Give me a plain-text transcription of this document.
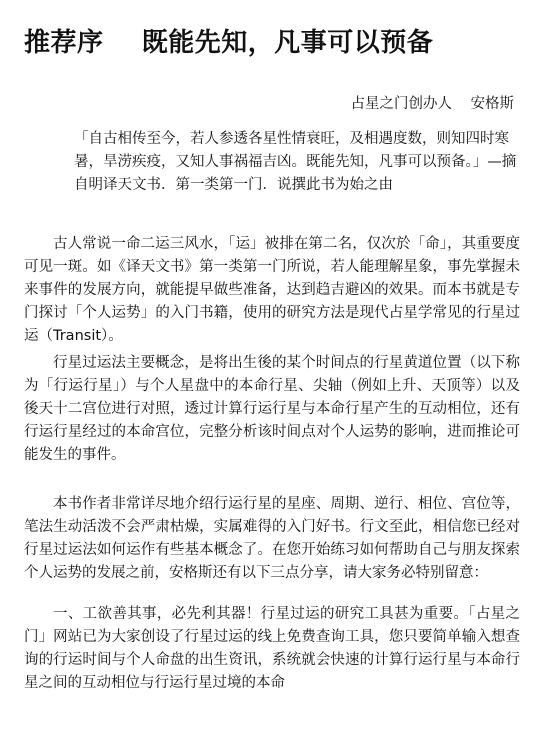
推荐序    既能先知，凡事可以预备
占星之门创办人    安格斯
「自古相传至今，若人参透各星性情衰旺，及相遇度数，则知四时寒暑，旱涝疾疫，又知人事祸福吉凶。既能先知，凡事可以预备。」—摘自明译天文书．第一类第一门．说撰此书为始之由
古人常说一命二运三风水，「运」被排在第二名，仅次於「命」，其重要度可见一斑。如《译天文书》第一类第一门所说，若人能理解星象，事先掌握未来事件的发展方向，就能提早做些准备，达到趋吉避凶的效果。而本书就是专门探讨「个人运势」的入门书籍，使用的研究方法是现代占星学常见的行星过运（Transit）。
行星过运法主要概念，是将出生後的某个时间点的行星黄道位置（以下称为「行运行星」）与个人星盘中的本命行星、尖轴（例如上升、天顶等）以及後天十二宫位进行对照，透过计算行运行星与本命行星产生的互动相位，还有行运行星经过的本命宫位，完整分析该时间点对个人运势的影响，进而推论可能发生的事件。
本书作者非常详尽地介绍行运行星的星座、周期、逆行、相位、宫位等，笔法生动活泼不会严肃枯燥，实属难得的入门好书。行文至此，相信您已经对行星过运法如何运作有些基本概念了。在您开始练习如何帮助自己与朋友探索个人运势的发展之前，安格斯还有以下三点分享，请大家务必特别留意：
一、工欲善其事，必先利其器！行星过运的研究工具甚为重要。「占星之门」网站已为大家创设了行星过运的线上免费查询工具，您只要简单输入想查询的行运时间与个人命盘的出生资讯，系统就会快速的计算行运行星与本命行星之间的互动相位与行运行星过境的本命
